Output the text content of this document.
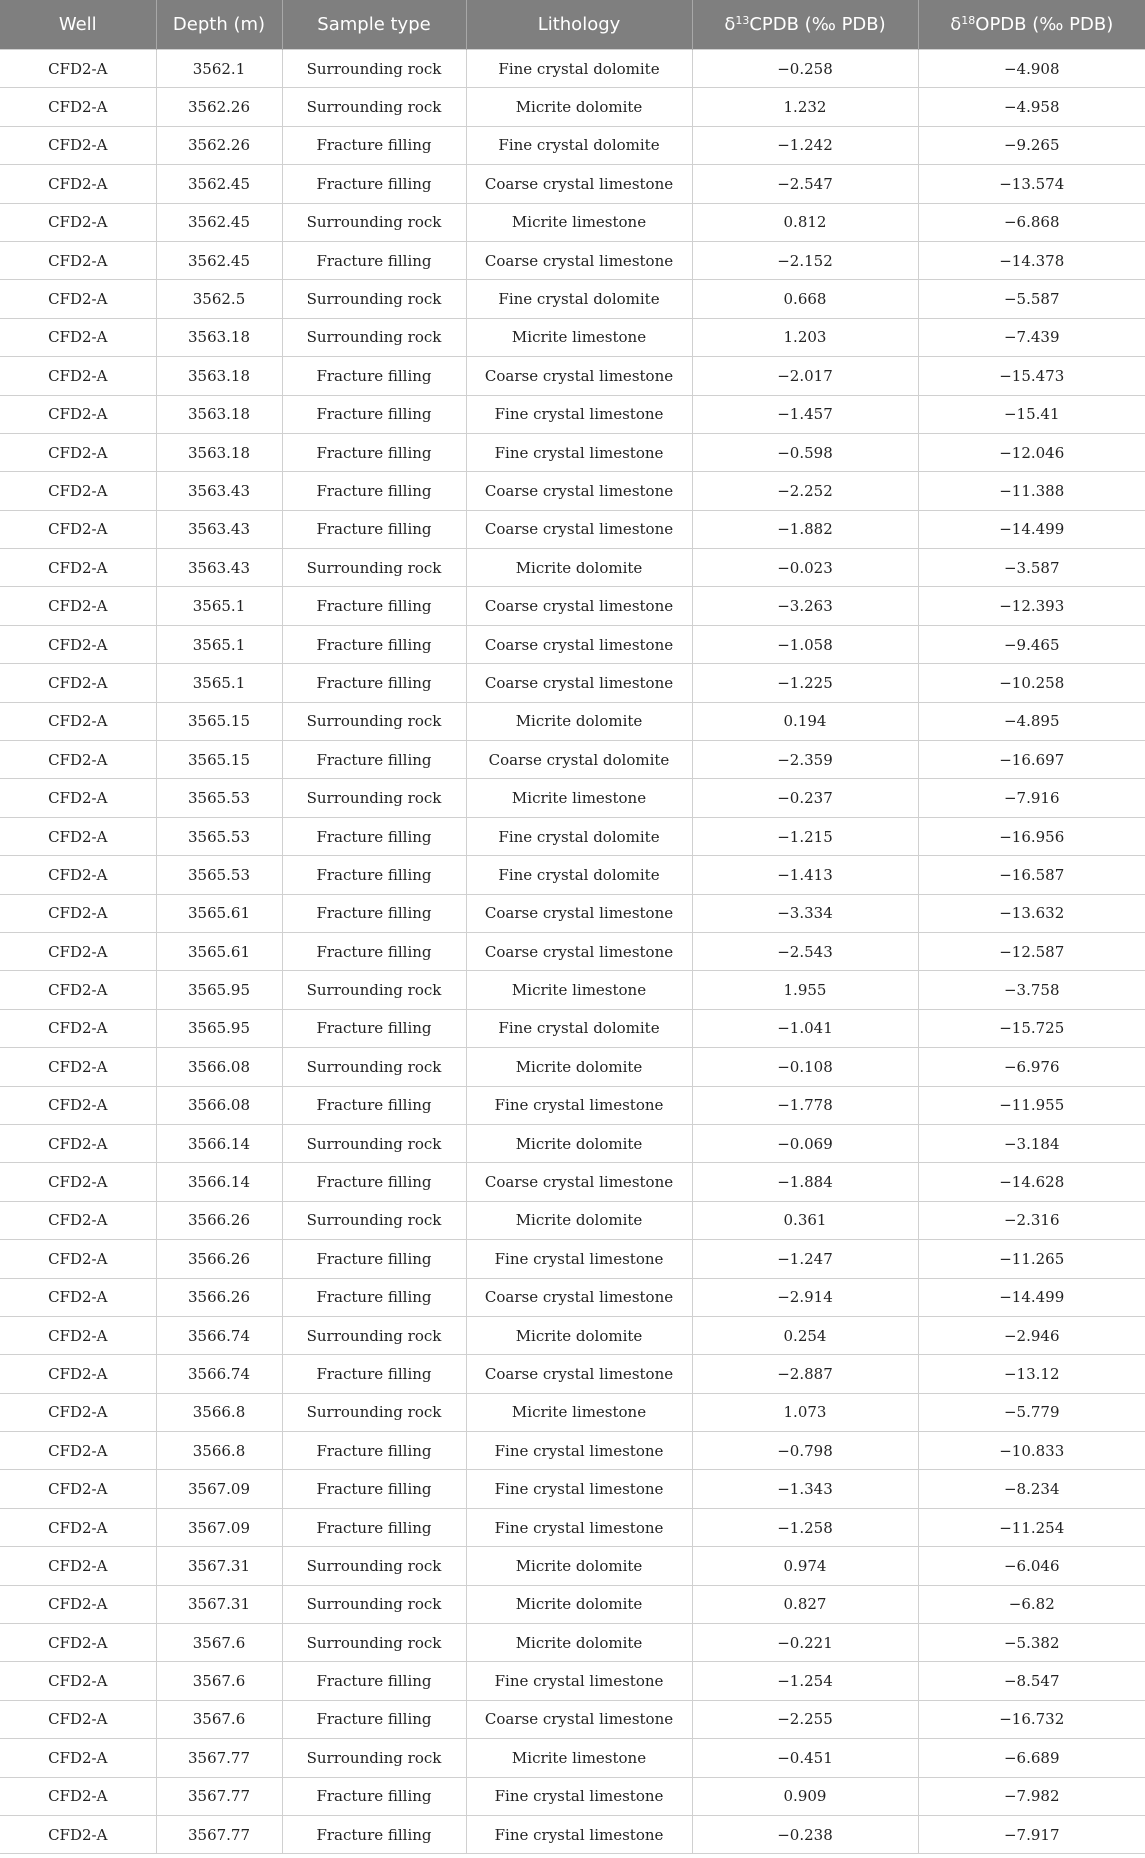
Well	Depth (m)	Sample type	Lithology	$\delta^{13}CPDB$ (‰ PDB)	$\delta^{18}OPDB$ (‰ PDB)
CFD2-A	3562.1	Surrounding rock	Fine crystal dolomite	−0.258	−4.908
CFD2-A	3562.26	Surrounding rock	Micrite dolomite	1.232	−4.958
CFD2-A	3562.26	Fracture filling	Fine crystal dolomite	−1.242	−9.265
CFD2-A	3562.45	Fracture filling	Coarse crystal limestone	−2.547	−13.574
CFD2-A	3562.45	Surrounding rock	Micrite limestone	0.812	−6.868
CFD2-A	3562.45	Fracture filling	Coarse crystal limestone	−2.152	−14.378
CFD2-A	3562.5	Surrounding rock	Fine crystal dolomite	0.668	−5.587
CFD2-A	3563.18	Surrounding rock	Micrite limestone	1.203	−7.439
CFD2-A	3563.18	Fracture filling	Coarse crystal limestone	−2.017	−15.473
CFD2-A	3563.18	Fracture filling	Fine crystal limestone	−1.457	−15.41
CFD2-A	3563.18	Fracture filling	Fine crystal limestone	−0.598	−12.046
CFD2-A	3563.43	Fracture filling	Coarse crystal limestone	−2.252	−11.388
CFD2-A	3563.43	Fracture filling	Coarse crystal limestone	−1.882	−14.499
CFD2-A	3563.43	Surrounding rock	Micrite dolomite	−0.023	−3.587
CFD2-A	3565.1	Fracture filling	Coarse crystal limestone	−3.263	−12.393
CFD2-A	3565.1	Fracture filling	Coarse crystal limestone	−1.058	−9.465
CFD2-A	3565.1	Fracture filling	Coarse crystal limestone	−1.225	−10.258
CFD2-A	3565.15	Surrounding rock	Micrite dolomite	0.194	−4.895
CFD2-A	3565.15	Fracture filling	Coarse crystal dolomite	−2.359	−16.697
CFD2-A	3565.53	Surrounding rock	Micrite limestone	−0.237	−7.916
CFD2-A	3565.53	Fracture filling	Fine crystal dolomite	−1.215	−16.956
CFD2-A	3565.53	Fracture filling	Fine crystal dolomite	−1.413	−16.587
CFD2-A	3565.61	Fracture filling	Coarse crystal limestone	−3.334	−13.632
CFD2-A	3565.61	Fracture filling	Coarse crystal limestone	−2.543	−12.587
CFD2-A	3565.95	Surrounding rock	Micrite limestone	1.955	−3.758
CFD2-A	3565.95	Fracture filling	Fine crystal dolomite	−1.041	−15.725
CFD2-A	3566.08	Surrounding rock	Micrite dolomite	−0.108	−6.976
CFD2-A	3566.08	Fracture filling	Fine crystal limestone	−1.778	−11.955
CFD2-A	3566.14	Surrounding rock	Micrite dolomite	−0.069	−3.184
CFD2-A	3566.14	Fracture filling	Coarse crystal limestone	−1.884	−14.628
CFD2-A	3566.26	Surrounding rock	Micrite dolomite	0.361	−2.316
CFD2-A	3566.26	Fracture filling	Fine crystal limestone	−1.247	−11.265
CFD2-A	3566.26	Fracture filling	Coarse crystal limestone	−2.914	−14.499
CFD2-A	3566.74	Surrounding rock	Micrite dolomite	0.254	−2.946
CFD2-A	3566.74	Fracture filling	Coarse crystal limestone	−2.887	−13.12
CFD2-A	3566.8	Surrounding rock	Micrite limestone	1.073	−5.779
CFD2-A	3566.8	Fracture filling	Fine crystal limestone	−0.798	−10.833
CFD2-A	3567.09	Fracture filling	Fine crystal limestone	−1.343	−8.234
CFD2-A	3567.09	Fracture filling	Fine crystal limestone	−1.258	−11.254
CFD2-A	3567.31	Surrounding rock	Micrite dolomite	0.974	−6.046
CFD2-A	3567.31	Surrounding rock	Micrite dolomite	0.827	−6.82
CFD2-A	3567.6	Surrounding rock	Micrite dolomite	−0.221	−5.382
CFD2-A	3567.6	Fracture filling	Fine crystal limestone	−1.254	−8.547
CFD2-A	3567.6	Fracture filling	Coarse crystal limestone	−2.255	−16.732
CFD2-A	3567.77	Surrounding rock	Micrite limestone	−0.451	−6.689
CFD2-A	3567.77	Fracture filling	Fine crystal limestone	0.909	−7.982
CFD2-A	3567.77	Fracture filling	Fine crystal limestone	−0.238	−7.917
